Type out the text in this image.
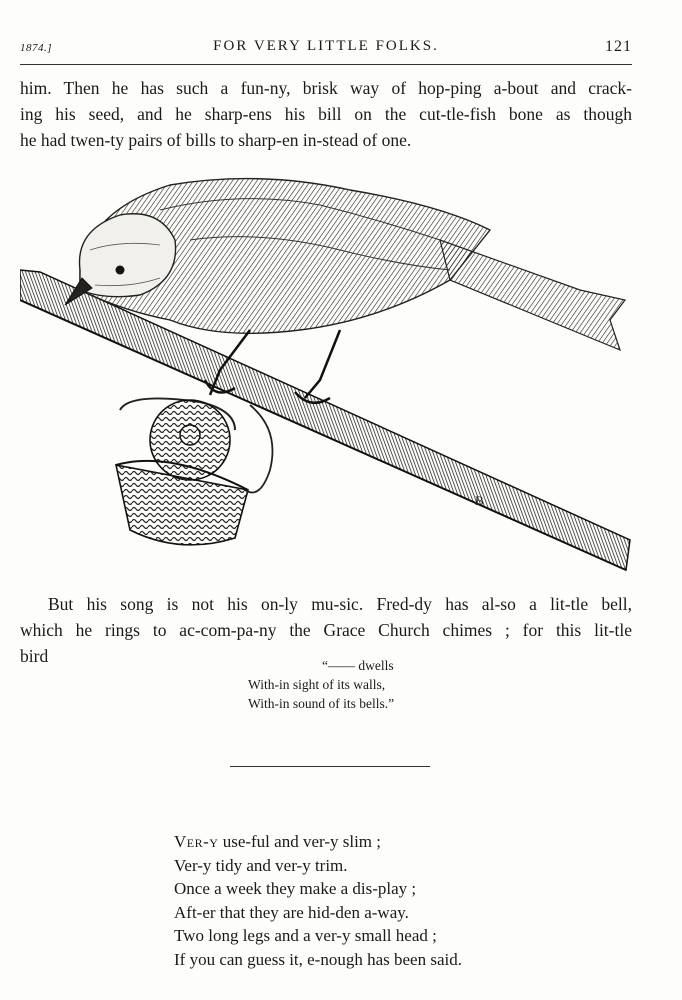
1874.]	FOR VERY LITTLE FOLKS.	121
him. Then he has such a fun-ny, brisk way of hop-ping a-bout and crack-
ing his seed, and he sharp-ens his bill on the cut-tle-fish bone as though
he had twen-ty pairs of bills to sharp-en in-stead of one.
B
But his song is not his on-ly mu-sic. Fred-dy has al-so a lit-tle bell,
which he rings to ac-com-pa-ny the Grace Church chimes ; for this lit-tle
bird	“—— dwells
With-in sight of its walls,
With-in sound of its bells.”
Ver-y use-ful and ver-y slim ;
Ver-y tidy and ver-y trim.
Once a week they make a dis-play ;
Aft-er that they are hid-den a-way.
Two long legs and a ver-y small head ;
If you can guess it, e-nough has been said.
